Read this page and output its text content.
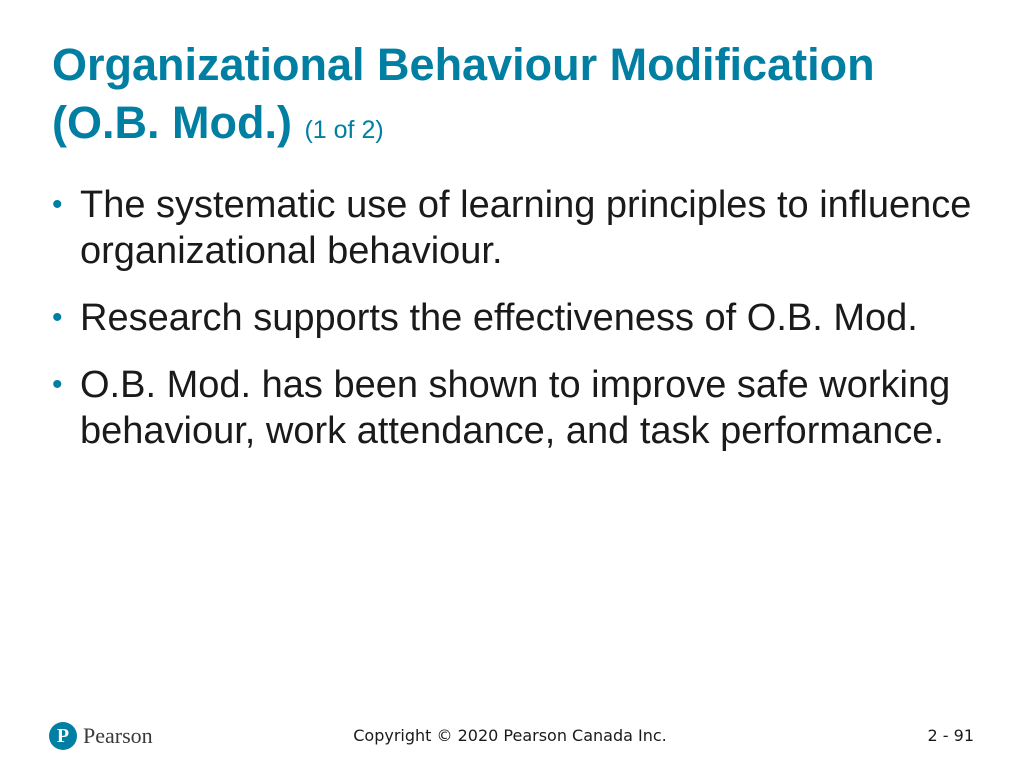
Organizational Behaviour Modification (O.B. Mod.) (1 of 2)
• The systematic use of learning principles to influence organizational behaviour.
• Research supports the effectiveness of O.B. Mod.
• O.B. Mod. has been shown to improve safe working behaviour, work attendance, and task performance.
P Pearson	Copyright © 2020 Pearson Canada Inc.	2 - 91
